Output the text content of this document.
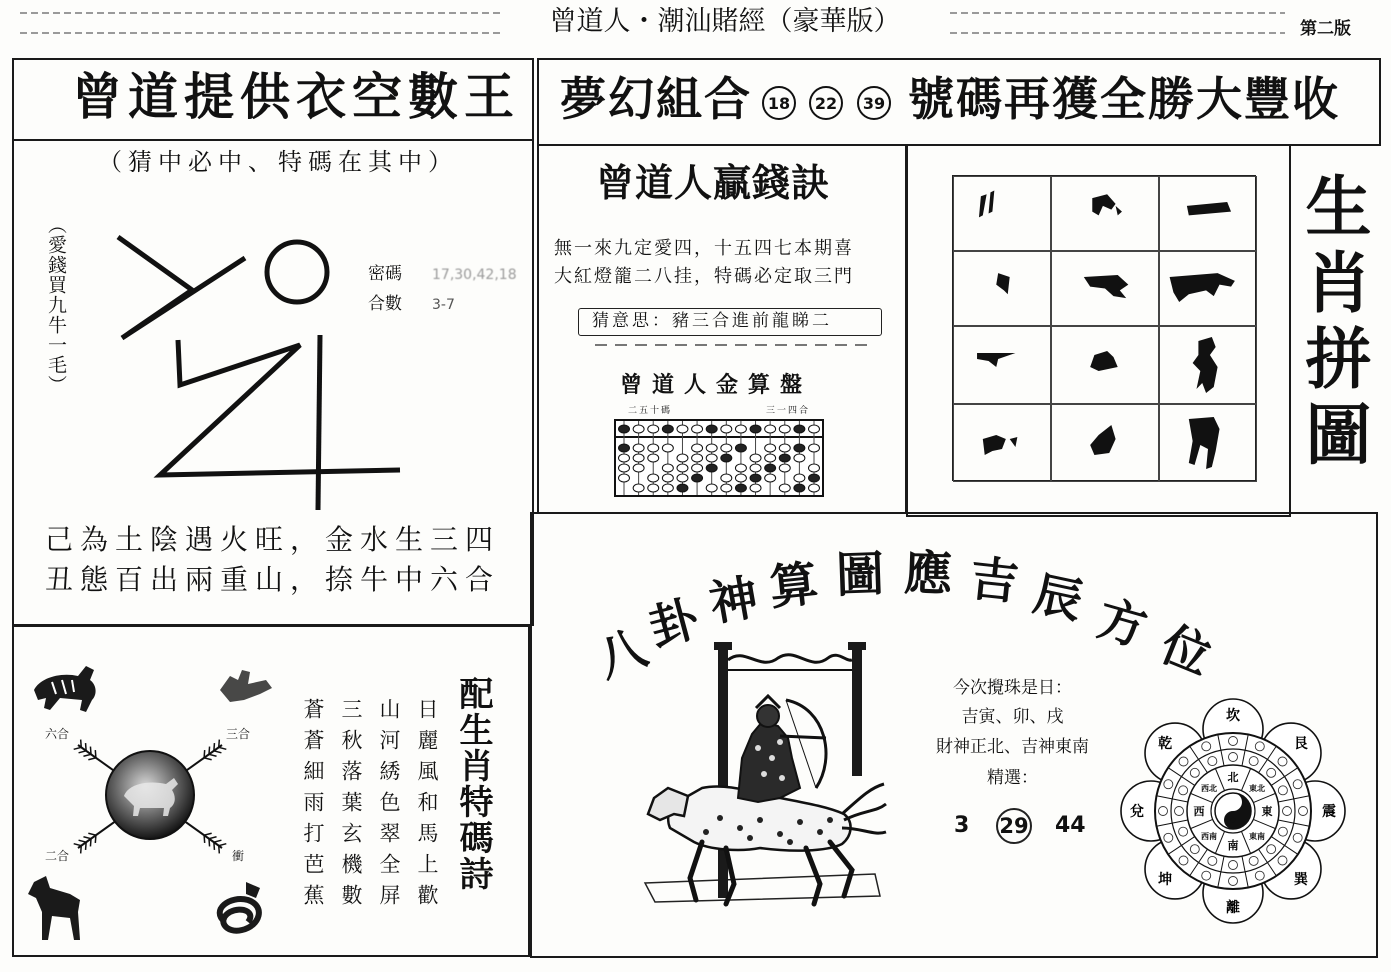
曾道人・潮汕賭經（豪華版）	第二版
曾道提供衣空數王
（猜中必中、特碼在其中）
（愛錢買九牛一毛）	密碼 17,30,42,18
合數 3-7
己為土陰遇火旺，金水生三四
丑態百出兩重山，捺牛中六合
六合	三合
二合	衝	配生肖特碼詩
日麗風和馬上歡
山河綉色翠全屏
三秋落葉玄機數
蒼蒼細雨打芭蕉
夢幻組合 18	22	39 號碼再獲全勝大豐收
曾道人贏錢訣
無一來九定愛四，十五四七本期喜
大紅燈籠二八挂，特碼必定取三門
猜意思：豬三合進前龍睇二
曾道人金算盤
二五十碼	三一四合	生肖拼圖
八
卦 神 算 圖 應 吉 辰 方 位
今次攪珠是日：
吉寅、卯、戌
財神正北、吉神東南
精選：
3 29 44
坎
艮
震
巽
離
坤
兌
乾
北
東北
東
東南
南
西南
西
西北
